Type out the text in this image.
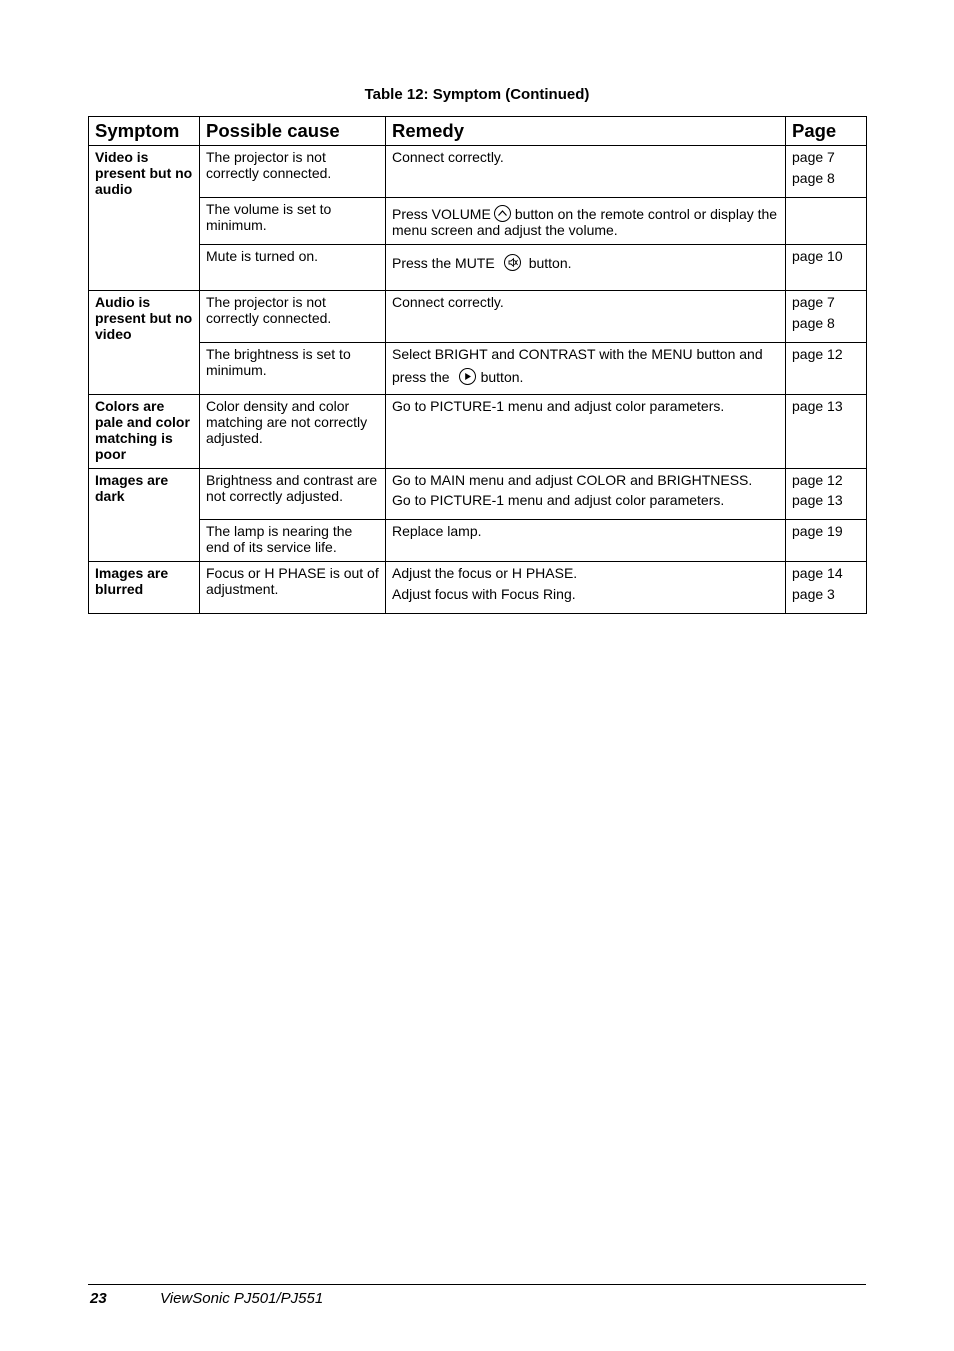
Table 12: Symptom (Continued)
Symptom	Possible cause	Remedy	Page
Video is present but no audio	The projector is not correctly connected.	Connect correctly.	page 7
page 8

	The volume is set to minimum.	Press VOLUME button on the remote control or display the menu screen and adjust the volume.	
	Mute is turned on.	Press the MUTE button.	page 10

Audio is present but no video	The projector is not correctly connected.	Connect correctly.	page 7
page 8

	The brightness is set to minimum.	Select BRIGHT and CONTRAST with the MENU button and
press the button.	page 12

Colors are pale and color matching is poor	Color density and color matching are not correctly adjusted.	Go to PICTURE-1 menu and adjust color parameters.	page 13

Images are dark	Brightness and contrast are not correctly adjusted.	Go to MAIN menu and adjust COLOR and BRIGHTNESS.
Go to PICTURE-1 menu and adjust color parameters.	page 12
page 13

	The lamp is nearing the end of its service life.	Replace lamp.	page 19

Images are blurred	Focus or H PHASE is out of adjustment.	Adjust the focus or H PHASE.
Adjust focus with Focus Ring.	page 14
page 3
23	ViewSonic PJ501/PJ551
